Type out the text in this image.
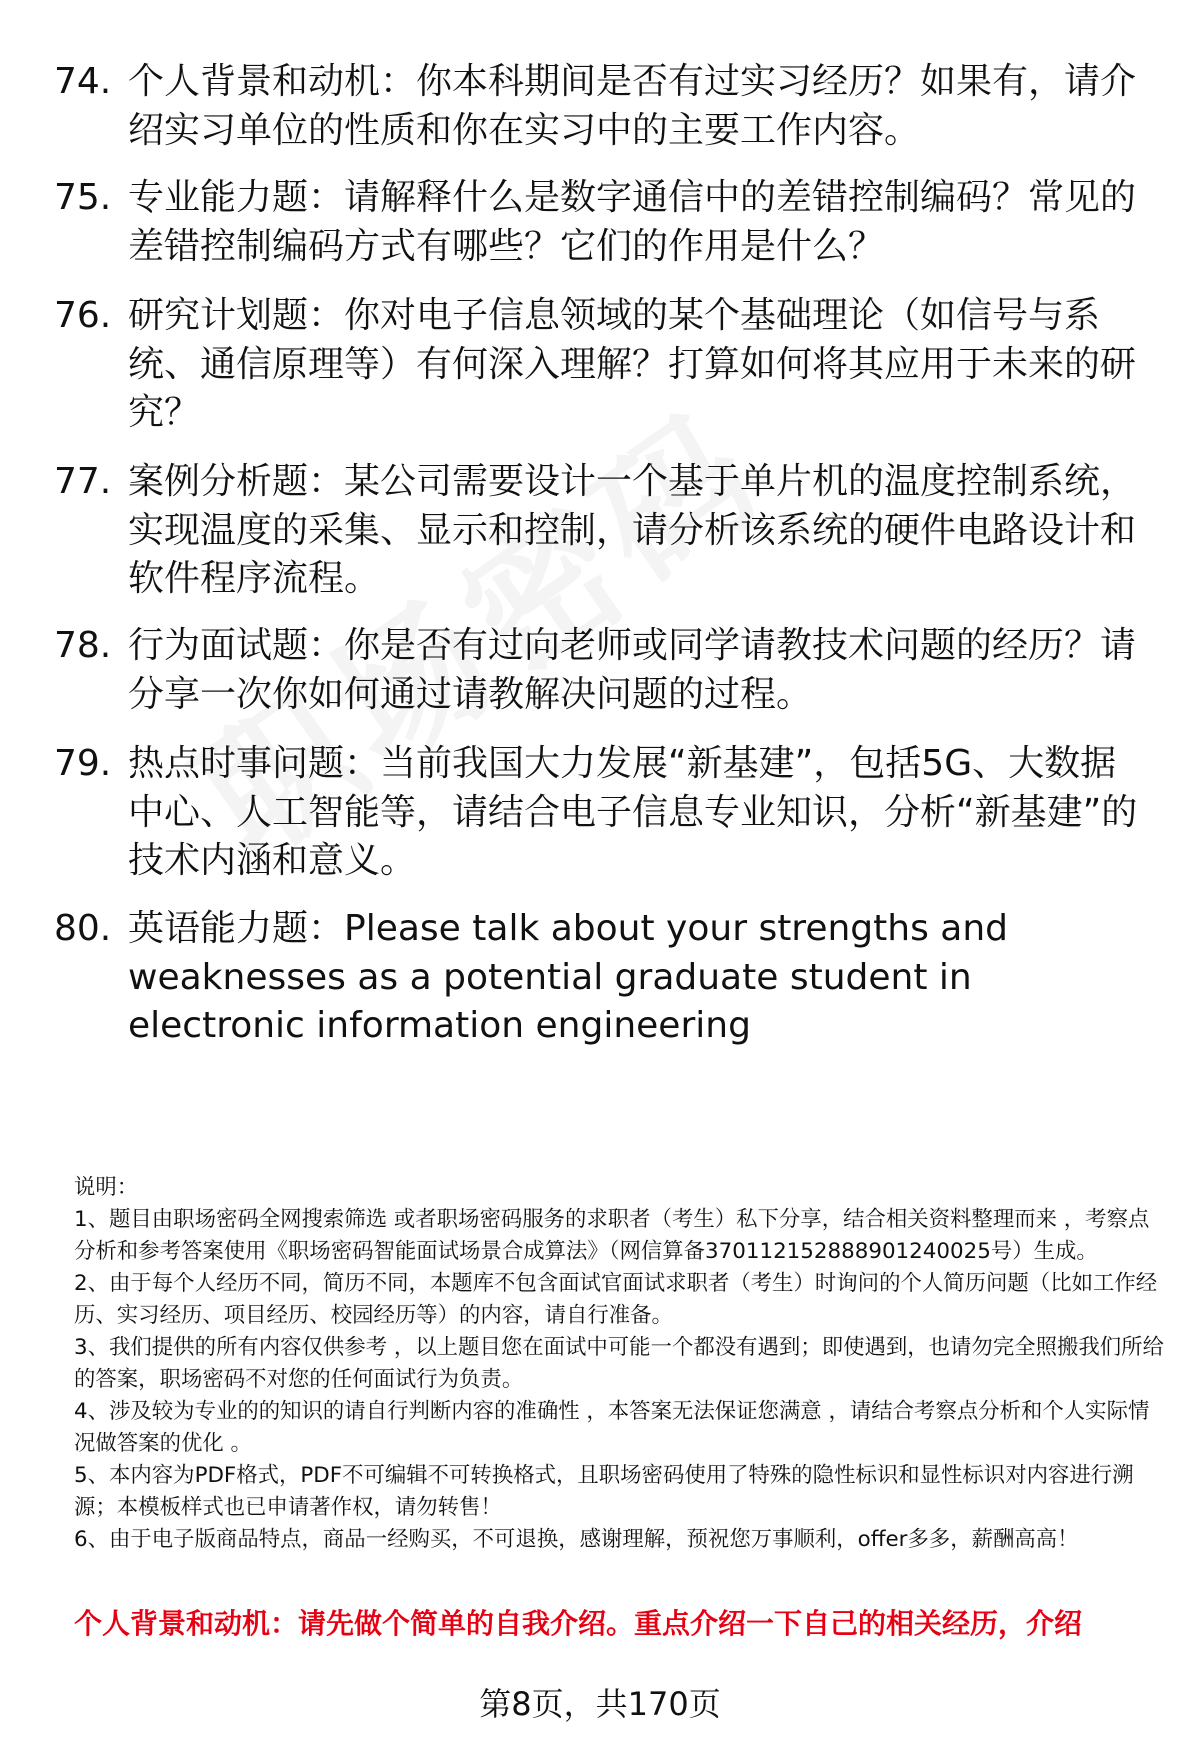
74. 个人背景和动机：你本科期间是否有过实习经历？如果有，请介绍实习单位的性质和你在实习中的主要工作内容。
75. 专业能力题：请解释什么是数字通信中的差错控制编码？常见的差错控制编码方式有哪些？它们的作用是什么？
76. 研究计划题：你对电子信息领域的某个基础理论（如信号与系统、通信原理等）有何深入理解？打算如何将其应用于未来的研究？
77. 案例分析题：某公司需要设计一个基于单片机的温度控制系统，实现温度的采集、显示和控制，请分析该系统的硬件电路设计和软件程序流程。
78. 行为面试题：你是否有过向老师或同学请教技术问题的经历？请分享一次你如何通过请教解决问题的过程。
79. 热点时事问题：当前我国大力发展“新基建”，包括5G、大数据中心、人工智能等，请结合电子信息专业知识，分析“新基建”的技术内涵和意义。
80. 英语能力题：Please talk about your strengths and weaknesses as a potential graduate student in electronic information engineering

说明：

1、题目由职场密码全网搜索筛选 或者职场密码服务的求职者（考生）私下分享，结合相关资料整理而来 ，考察点分析和参考答案使用《职场密码智能面试场景合成算法》（网信算备370112152888901240025号）生成。

2、由于每个人经历不同，简历不同，本题库不包含面试官面试求职者（考生）时询问的个人简历问题（比如工作经历、实习经历、项目经历、校园经历等）的内容，请自行准备。

3、我们提供的所有内容仅供参考 ，以上题目您在面试中可能一个都没有遇到；即使遇到，也请勿完全照搬我们所给的答案，职场密码不对您的任何面试行为负责。

4、涉及较为专业的的知识的请自行判断内容的准确性 ，本答案无法保证您满意 ，请结合考察点分析和个人实际情况做答案的优化 。

5、本内容为PDF格式，PDF不可编辑不可转换格式，且职场密码使用了特殊的隐性标识和显性标识对内容进行溯源；本模板样式也已申请著作权，请勿转售！

6、由于电子版商品特点，商品一经购买，不可退换，感谢理解，预祝您万事顺利，offer多多，薪酬高高！

个人背景和动机：请先做个简单的自我介绍。重点介绍一下自己的相关经历，介绍
第8页，共170页
